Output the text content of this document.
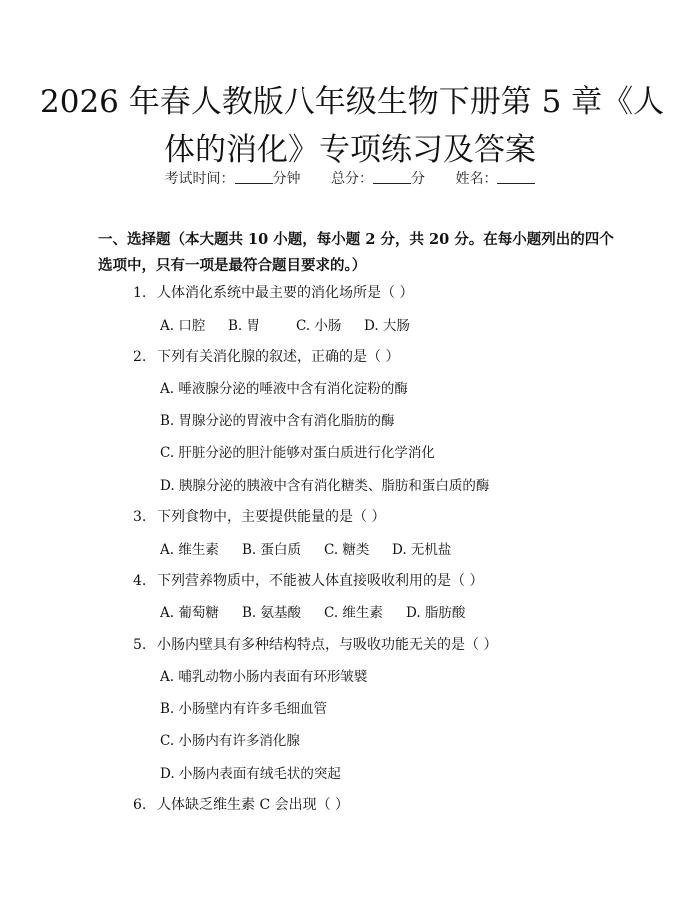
2026 年春人教版八年级生物下册第 5 章《人
体的消化》专项练习及答案
考试时间：	分钟 总分：	分 姓名：
一、选择题（本大题共 10 小题，每小题 2 分，共 20 分。在每小题列出的四个选项中，只有一项是最符合题目要求的。）
1. 人体消化系统中最主要的消化场所是（ ）
A. 口腔 B. 胃	C. 小肠 D. 大肠
2. 下列有关消化腺的叙述，正确的是（ ）
A. 唾液腺分泌的唾液中含有消化淀粉的酶
B. 胃腺分泌的胃液中含有消化脂肪的酶
C. 肝脏分泌的胆汁能够对蛋白质进行化学消化
D. 胰腺分泌的胰液中含有消化糖类、脂肪和蛋白质的酶
3. 下列食物中，主要提供能量的是（ ）
A. 维生素 B. 蛋白质 C. 糖类 D. 无机盐
4. 下列营养物质中，不能被人体直接吸收利用的是（ ）
A. 葡萄糖 B. 氨基酸 C. 维生素 D. 脂肪酸
5. 小肠内壁具有多种结构特点，与吸收功能无关的是（ ）
A. 哺乳动物小肠内表面有环形皱襞
B. 小肠壁内有许多毛细血管
C. 小肠内有许多消化腺
D. 小肠内表面有绒毛状的突起
6. 人体缺乏维生素 C 会出现（ ）
